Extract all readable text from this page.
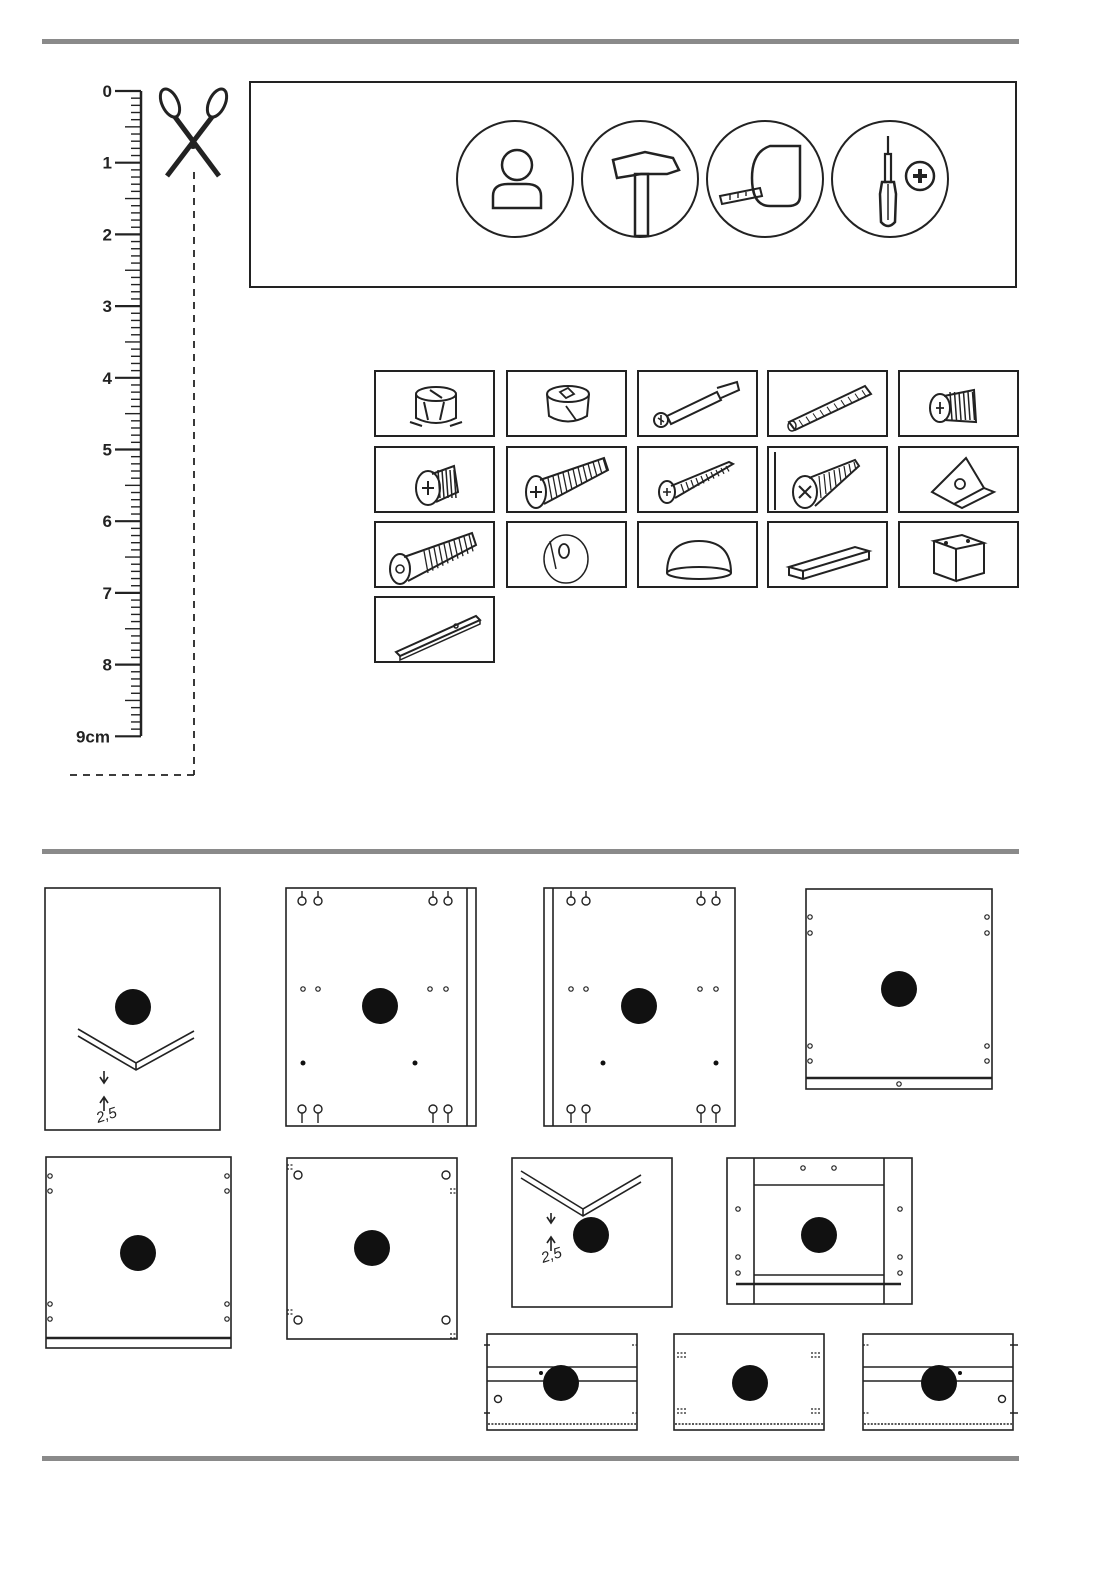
0
1
2
3
4
5
6
7
8
9cm
2,5
2,5
